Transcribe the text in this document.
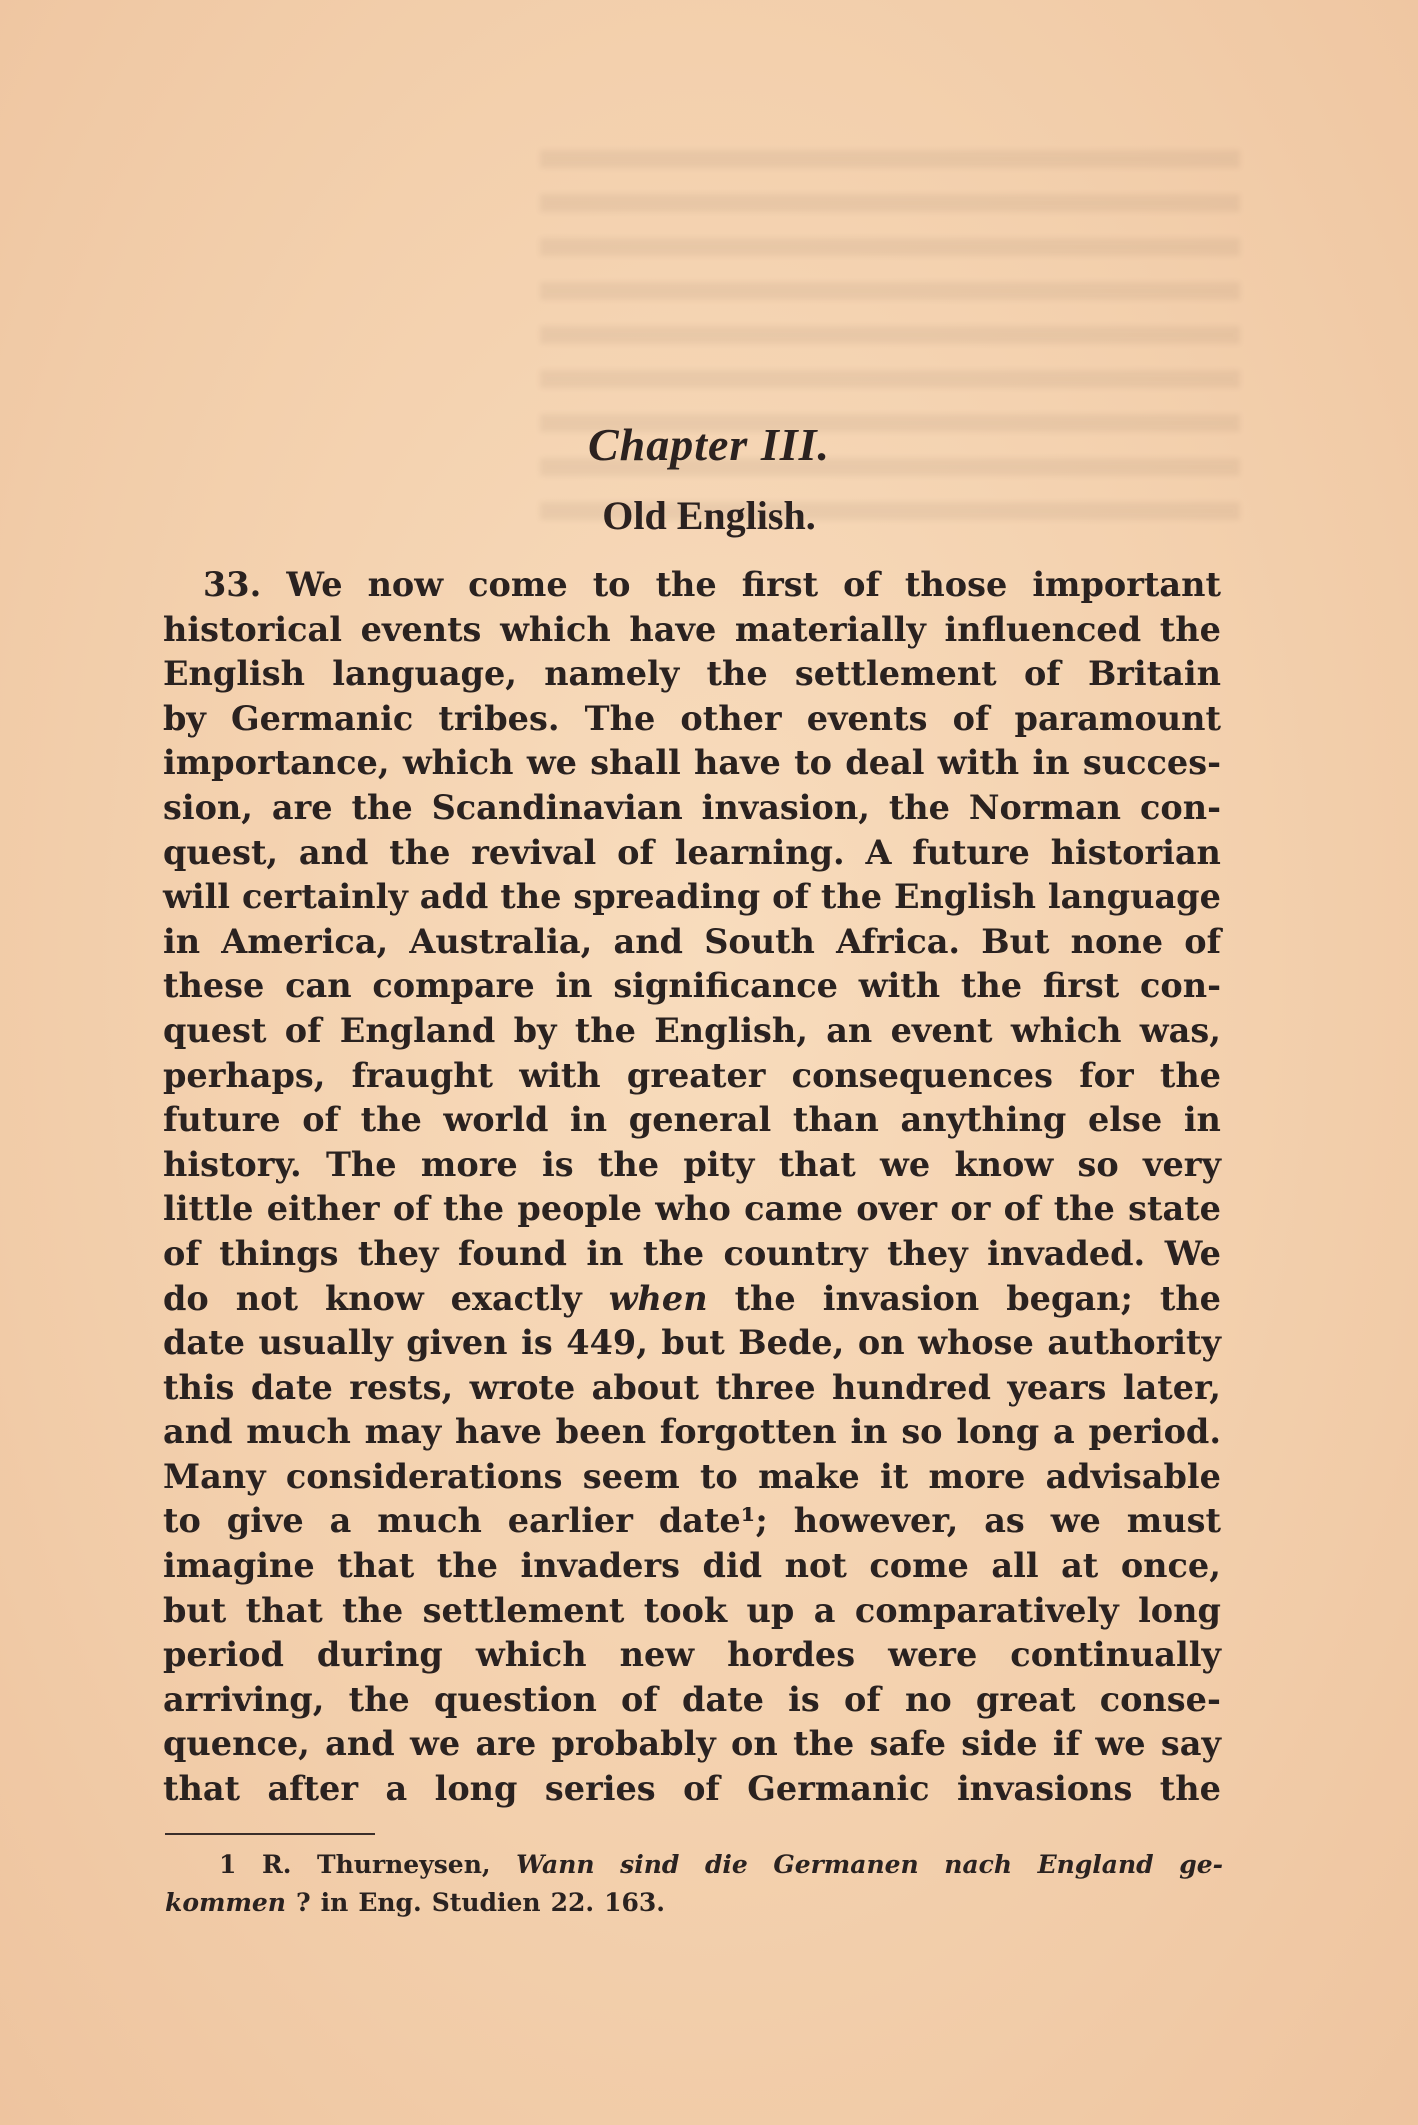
Chapter III.
Old English.
33. We now come to the first of those important
historical events which have materially influenced the
English language, namely the settlement of Britain
by Germanic tribes. The other events of paramount
importance, which we shall have to deal with in succes-
sion, are the Scandinavian invasion, the Norman con-
quest, and the revival of learning. A future historian
will certainly add the spreading of the English language
in America, Australia, and South Africa. But none of
these can compare in significance with the first con-
quest of England by the English, an event which was,
perhaps, fraught with greater consequences for the
future of the world in general than anything else in
history. The more is the pity that we know so very
little either of the people who came over or of the state
of things they found in the country they invaded. We
do not know exactly when the invasion began; the
date usually given is 449, but Bede, on whose authority
this date rests, wrote about three hundred years later,
and much may have been forgotten in so long a period.
Many considerations seem to make it more advisable
to give a much earlier date¹; however, as we must
imagine that the invaders did not come all at once,
but that the settlement took up a comparatively long
period during which new hordes were continually
arriving, the question of date is of no great conse-
quence, and we are probably on the safe side if we say
that after a long series of Germanic invasions the
1 R. Thurneysen, Wann sind die Germanen nach England ge-
kommen ? in Eng. Studien 22. 163.
